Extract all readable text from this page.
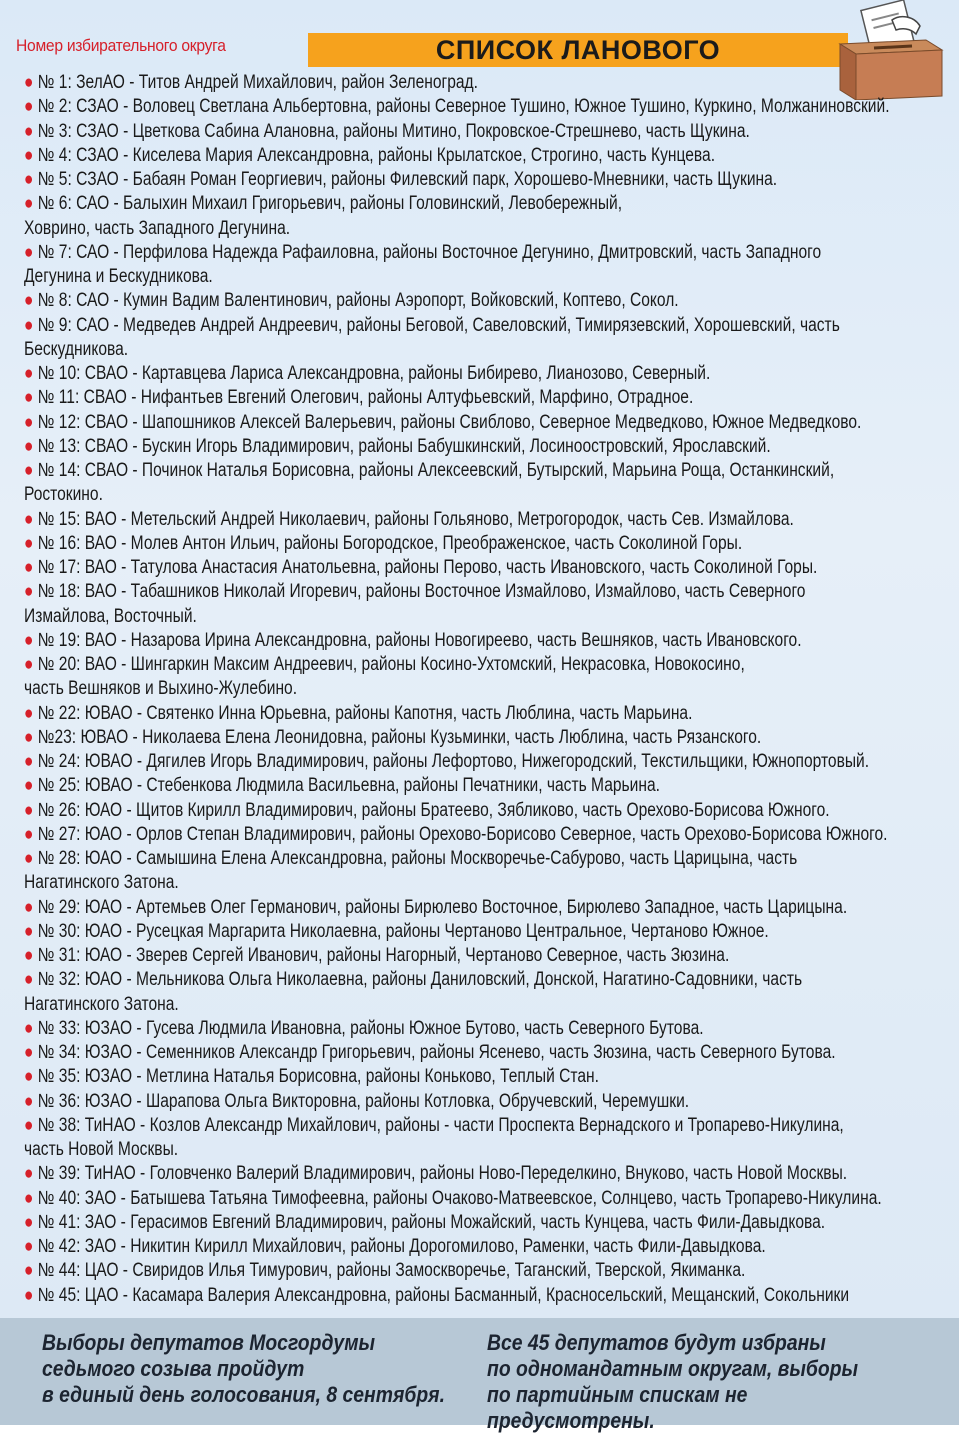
Номер избирательного округа	СПИСОК ЛАНОВОГО
● № 1: ЗелАО - Титов Андрей Михайлович, район Зеленоград.
● № 2: СЗАО - Воловец Светлана Альбертовна, районы Северное Тушино, Южное Тушино, Куркино, Молжаниновский.
● № 3: СЗАО - Цветкова Сабина Алановна, районы Митино, Покровское-Стрешнево, часть Щукина.
● № 4: СЗАО - Киселева Мария Александровна, районы Крылатское, Строгино, часть Кунцева.
● № 5: СЗАО - Бабаян Роман Георгиевич, районы Филевский парк, Хорошево-Мневники, часть Щукина.
● № 6: САО - Балыхин Михаил Григорьевич, районы Головинский, Левобережный,
Ховрино, часть Западного Дегунина.
● № 7: САО - Перфилова Надежда Рафаиловна, районы Восточное Дегунино, Дмитровский, часть Западного
Дегунина и Бескудникова.
● № 8: САО - Кумин Вадим Валентинович, районы Аэропорт, Войковский, Коптево, Сокол.
● № 9: САО - Медведев Андрей Андреевич, районы Беговой, Савеловский, Тимирязевский, Хорошевский, часть
Бескудникова.
● № 10: СВАО - Картавцева Лариса Александровна, районы Бибирево, Лианозово, Северный.
● № 11: СВАО - Нифантьев Евгений Олегович, районы Алтуфьевский, Марфино, Отрадное.
● № 12: СВАО - Шапошников Алексей Валерьевич, районы Свиблово, Северное Медведково, Южное Медведково.
● № 13: СВАО - Бускин Игорь Владимирович, районы Бабушкинский, Лосиноостровский, Ярославский.
● № 14: СВАО - Починок Наталья Борисовна, районы Алексеевский, Бутырский, Марьина Роща, Останкинский,
Ростокино.
● № 15: ВАО - Метельский Андрей Николаевич, районы Гольяново, Метрогородок, часть Сев. Измайлова.
● № 16: ВАО - Молев Антон Ильич, районы Богородское, Преображенское, часть Соколиной Горы.
● № 17: ВАО - Татулова Анастасия Анатольевна, районы Перово, часть Ивановского, часть Соколиной Горы.
● № 18: ВАО - Табашников Николай Игоревич, районы Восточное Измайлово, Измайлово, часть Северного
Измайлова, Восточный.
● № 19: ВАО - Назарова Ирина Александровна, районы Новогиреево, часть Вешняков, часть Ивановского.
● № 20: ВАО - Шингаркин Максим Андреевич, районы Косино-Ухтомский, Некрасовка, Новокосино,
часть Вешняков и Выхино-Жулебино.
● № 22: ЮВАО - Святенко Инна Юрьевна, районы Капотня, часть Люблина, часть Марьина.
● №23: ЮВАО - Николаева Елена Леонидовна, районы Кузьминки, часть Люблина, часть Рязанского.
● № 24: ЮВАО - Дягилев Игорь Владимирович, районы Лефортово, Нижегородский, Текстильщики, Южнопортовый.
● № 25: ЮВАО - Стебенкова Людмила Васильевна, районы Печатники, часть Марьина.
● № 26: ЮАО - Щитов Кирилл Владимирович, районы Братеево, Зябликово, часть Орехово-Борисова Южного.
● № 27: ЮАО - Орлов Степан Владимирович, районы Орехово-Борисово Северное, часть Орехово-Борисова Южного.
● № 28: ЮАО - Самышина Елена Александровна, районы Москворечье-Сабурово, часть Царицына, часть
Нагатинского Затона.
● № 29: ЮАО - Артемьев Олег Германович, районы Бирюлево Восточное, Бирюлево Западное, часть Царицына.
● № 30: ЮАО - Русецкая Маргарита Николаевна, районы Чертаново Центральное, Чертаново Южное.
● № 31: ЮАО - Зверев Сергей Иванович, районы Нагорный, Чертаново Северное, часть Зюзина.
● № 32: ЮАО - Мельникова Ольга Николаевна, районы Даниловский, Донской, Нагатино-Садовники, часть
Нагатинского Затона.
● № 33: ЮЗАО - Гусева Людмила Ивановна, районы Южное Бутово, часть Северного Бутова.
● № 34: ЮЗАО - Семенников Александр Григорьевич, районы Ясенево, часть Зюзина, часть Северного Бутова.
● № 35: ЮЗАО - Метлина Наталья Борисовна, районы Коньково, Теплый Стан.
● № 36: ЮЗАО - Шарапова Ольга Викторовна, районы Котловка, Обручевский, Черемушки.
● № 38: ТиНАО - Козлов Александр Михайлович, районы - части Проспекта Вернадского и Тропарево-Никулина,
часть Новой Москвы.
● № 39: ТиНАО - Головченко Валерий Владимирович, районы Ново-Переделкино, Внуково, часть Новой Москвы.
● № 40: ЗАО - Батышева Татьяна Тимофеевна, районы Очаково-Матвеевское, Солнцево, часть Тропарево-Никулина.
● № 41: ЗАО - Герасимов Евгений Владимирович, районы Можайский, часть Кунцева, часть Фили-Давыдкова.
● № 42: ЗАО - Никитин Кирилл Михайлович, районы Дорогомилово, Раменки, часть Фили-Давыдкова.
● № 44: ЦАО - Свиридов Илья Тимурович, районы Замоскворечье, Таганский, Тверской, Якиманка.
● № 45: ЦАО - Касамара Валерия Александровна, районы Басманный, Красносельский, Мещанский, Сокольники
Выборы депутатов Мосгордумы
седьмого созыва пройдут
в единый день голосования, 8 сентября.
Все 45 депутатов будут избраны
по одномандатным округам, выборы
по партийным спискам не предусмотрены.
